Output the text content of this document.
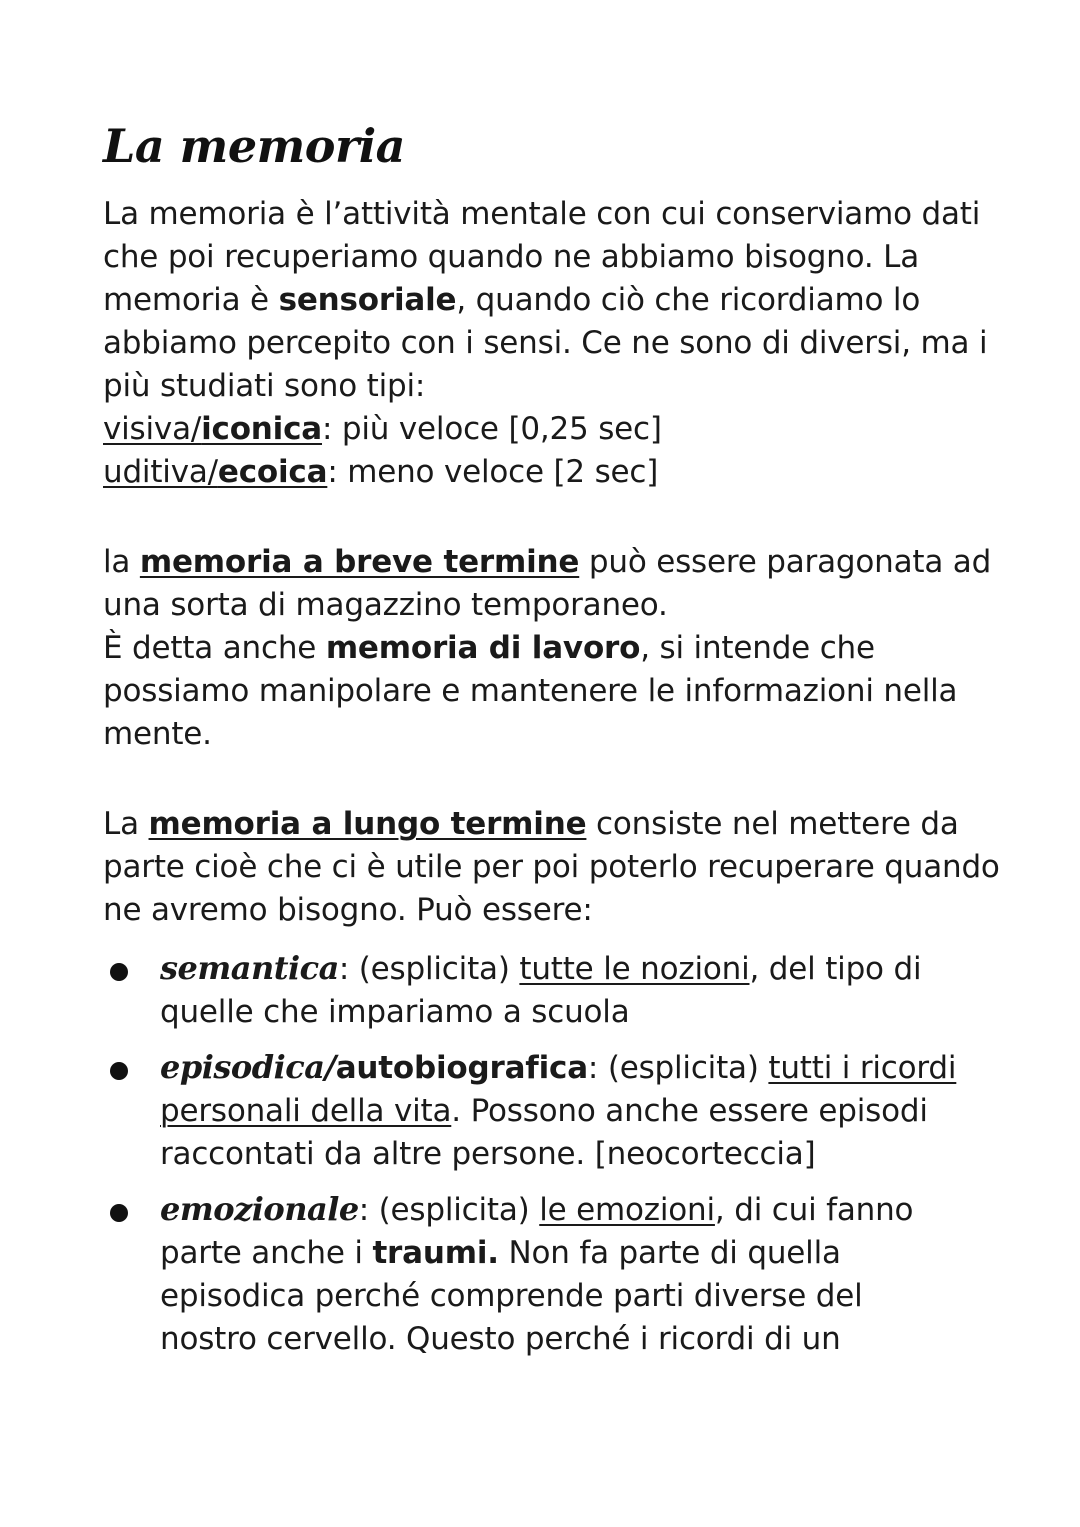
La memoria

La memoria è l’attività mentale con cui conserviamo dati che poi recuperiamo quando ne abbiamo bisogno. La memoria è sensoriale, quando ciò che ricordiamo lo abbiamo percepito con i sensi. Ce ne sono di diversi, ma i più studiati sono tipi:
visiva/iconica: più veloce [0,25 sec]
uditiva/ecoica: meno veloce [2 sec]

la memoria a breve termine può essere paragonata ad una sorta di magazzino temporaneo.
È detta anche memoria di lavoro, si intende che possiamo manipolare e mantenere le informazioni nella mente.

La memoria a lungo termine consiste nel mettere da parte cioè che ci è utile per poi poterlo recuperare quando ne avremo bisogno. Può essere:

semantica: (esplicita) tutte le nozioni, del tipo di quelle che impariamo a scuola
episodica/autobiografica: (esplicita) tutti i ricordi personali della vita. Possono anche essere episodi raccontati da altre persone. [neocorteccia]
emozionale: (esplicita) le emozioni, di cui fanno parte anche i traumi. Non fa parte di quella episodica perché comprende parti diverse del nostro cervello. Questo perché i ricordi di un
